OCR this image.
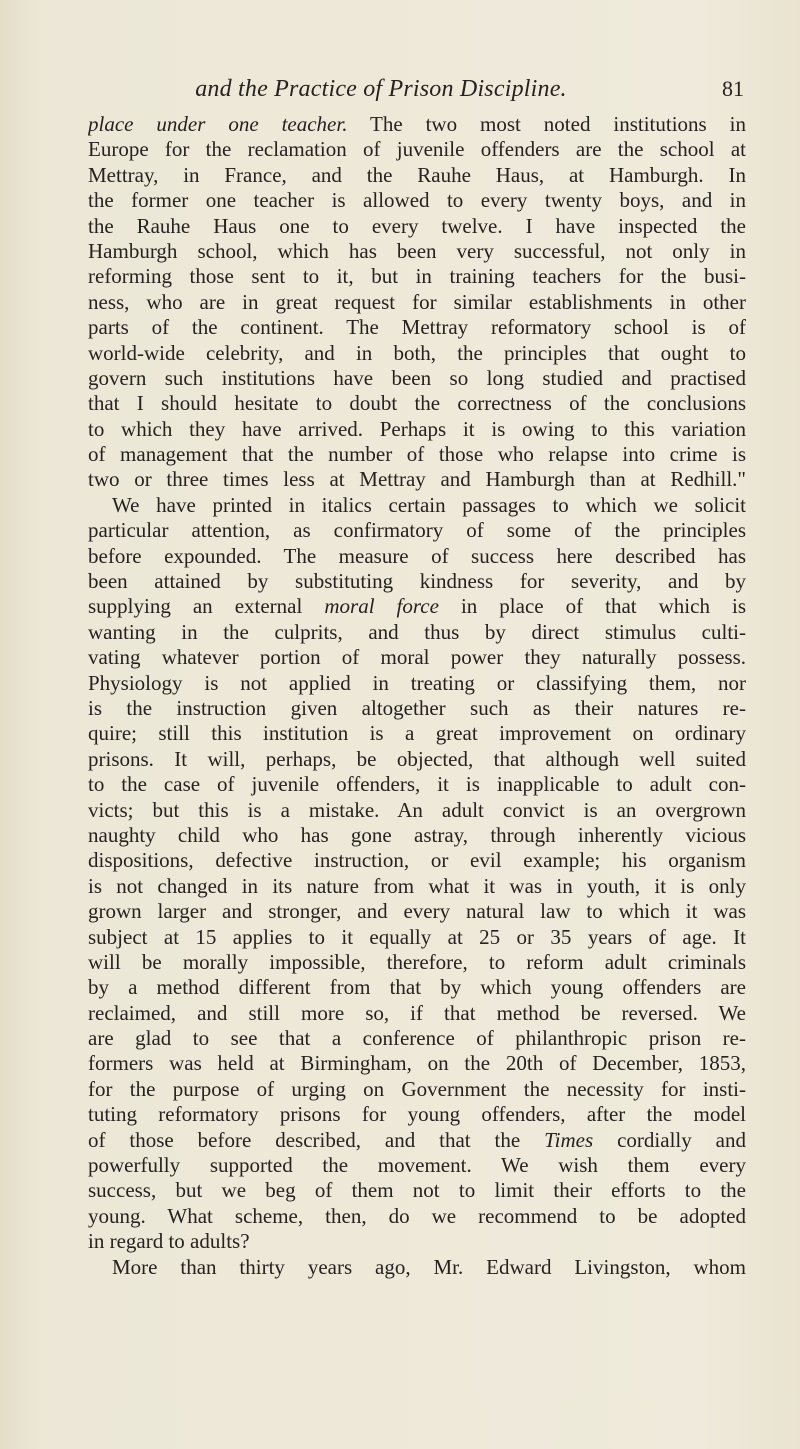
and the Practice of Prison Discipline.	81
place under one teacher. The two most noted institutions in
Europe for the reclamation of juvenile offenders are the school at
Mettray, in France, and the Rauhe Haus, at Hamburgh. In
the former one teacher is allowed to every twenty boys, and in
the Rauhe Haus one to every twelve. I have inspected the
Hamburgh school, which has been very successful, not only in
reforming those sent to it, but in training teachers for the busi-
ness, who are in great request for similar establishments in other
parts of the continent. The Mettray reformatory school is of
world-wide celebrity, and in both, the principles that ought to
govern such institutions have been so long studied and practised
that I should hesitate to doubt the correctness of the conclusions
to which they have arrived. Perhaps it is owing to this variation
of management that the number of those who relapse into crime is
two or three times less at Mettray and Hamburgh than at Redhill."
We have printed in italics certain passages to which we solicit
particular attention, as confirmatory of some of the principles
before expounded. The measure of success here described has
been attained by substituting kindness for severity, and by
supplying an external moral force in place of that which is
wanting in the culprits, and thus by direct stimulus culti-
vating whatever portion of moral power they naturally possess.
Physiology is not applied in treating or classifying them, nor
is the instruction given altogether such as their natures re-
quire; still this institution is a great improvement on ordinary
prisons. It will, perhaps, be objected, that although well suited
to the case of juvenile offenders, it is inapplicable to adult con-
victs; but this is a mistake. An adult convict is an overgrown
naughty child who has gone astray, through inherently vicious
dispositions, defective instruction, or evil example; his organism
is not changed in its nature from what it was in youth, it is only
grown larger and stronger, and every natural law to which it was
subject at 15 applies to it equally at 25 or 35 years of age. It
will be morally impossible, therefore, to reform adult criminals
by a method different from that by which young offenders are
reclaimed, and still more so, if that method be reversed. We
are glad to see that a conference of philanthropic prison re-
formers was held at Birmingham, on the 20th of December, 1853,
for the purpose of urging on Government the necessity for insti-
tuting reformatory prisons for young offenders, after the model
of those before described, and that the Times cordially and
powerfully supported the movement. We wish them every
success, but we beg of them not to limit their efforts to the
young. What scheme, then, do we recommend to be adopted
in regard to adults?
More than thirty years ago, Mr. Edward Livingston, whom
